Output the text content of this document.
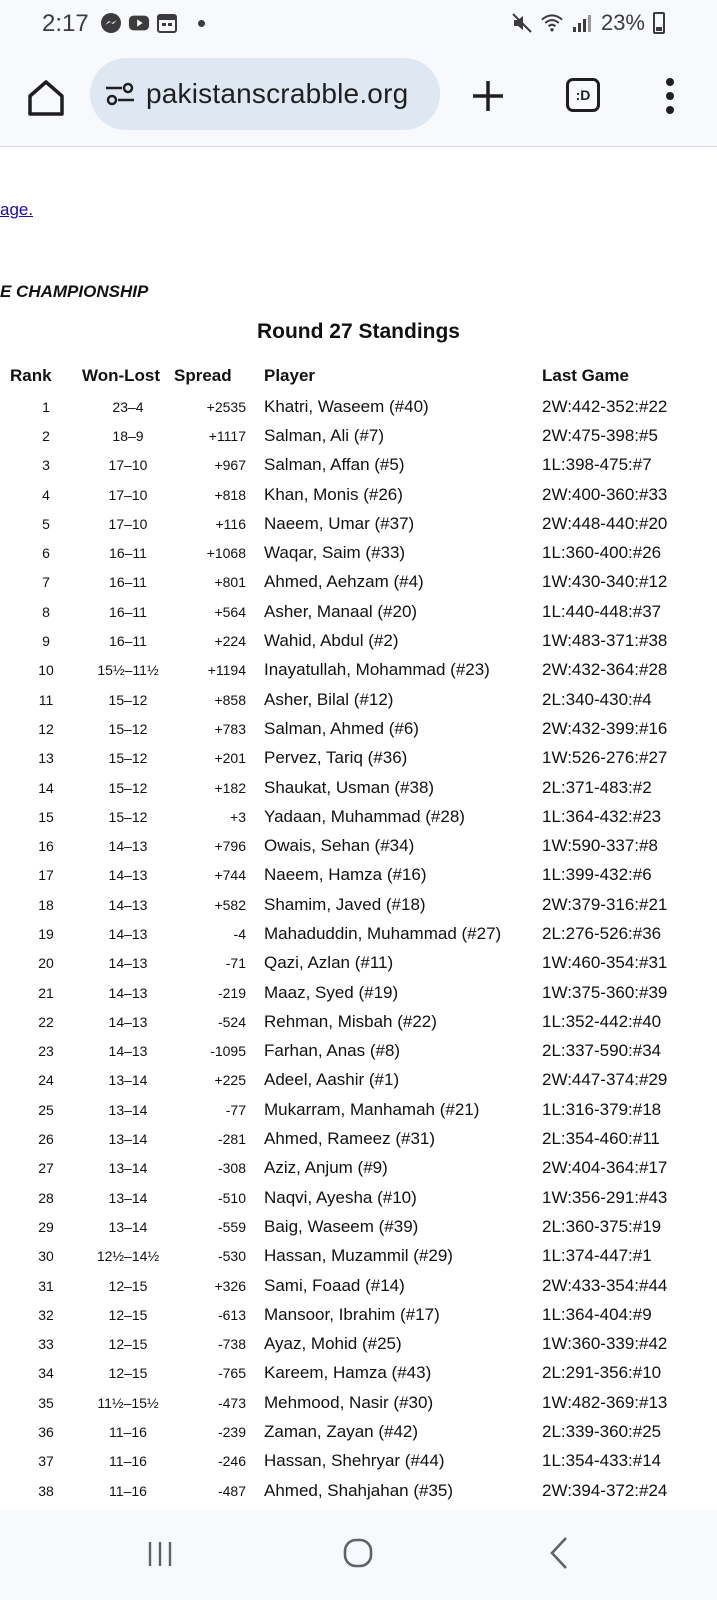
2:17	23%
pakistanscrabble.org	:D
age.
E CHAMPIONSHIP
Round 27 Standings
Rank	Won-Lost	Spread	Player	Last Game
1	23–4	+2535	Khatri, Waseem (#40)	2W:442-352:#22
2	18–9	+1117	Salman, Ali (#7)	2W:475-398:#5
3	17–10	+967	Salman, Affan (#5)	1L:398-475:#7
4	17–10	+818	Khan, Monis (#26)	2W:400-360:#33
5	17–10	+116	Naeem, Umar (#37)	2W:448-440:#20
6	16–11	+1068	Waqar, Saim (#33)	1L:360-400:#26
7	16–11	+801	Ahmed, Aehzam (#4)	1W:430-340:#12
8	16–11	+564	Asher, Manaal (#20)	1L:440-448:#37
9	16–11	+224	Wahid, Abdul (#2)	1W:483-371:#38
10	15½–11½	+1194	Inayatullah, Mohammad (#23)	2W:432-364:#28
11	15–12	+858	Asher, Bilal (#12)	2L:340-430:#4
12	15–12	+783	Salman, Ahmed (#6)	2W:432-399:#16
13	15–12	+201	Pervez, Tariq (#36)	1W:526-276:#27
14	15–12	+182	Shaukat, Usman (#38)	2L:371-483:#2
15	15–12	+3	Yadaan, Muhammad (#28)	1L:364-432:#23
16	14–13	+796	Owais, Sehan (#34)	1W:590-337:#8
17	14–13	+744	Naeem, Hamza (#16)	1L:399-432:#6
18	14–13	+582	Shamim, Javed (#18)	2W:379-316:#21
19	14–13	-4	Mahaduddin, Muhammad (#27)	2L:276-526:#36
20	14–13	-71	Qazi, Azlan (#11)	1W:460-354:#31
21	14–13	-219	Maaz, Syed (#19)	1W:375-360:#39
22	14–13	-524	Rehman, Misbah (#22)	1L:352-442:#40
23	14–13	-1095	Farhan, Anas (#8)	2L:337-590:#34
24	13–14	+225	Adeel, Aashir (#1)	2W:447-374:#29
25	13–14	-77	Mukarram, Manhamah (#21)	1L:316-379:#18
26	13–14	-281	Ahmed, Rameez (#31)	2L:354-460:#11
27	13–14	-308	Aziz, Anjum (#9)	2W:404-364:#17
28	13–14	-510	Naqvi, Ayesha (#10)	1W:356-291:#43
29	13–14	-559	Baig, Waseem (#39)	2L:360-375:#19
30	12½–14½	-530	Hassan, Muzammil (#29)	1L:374-447:#1
31	12–15	+326	Sami, Foaad (#14)	2W:433-354:#44
32	12–15	-613	Mansoor, Ibrahim (#17)	1L:364-404:#9
33	12–15	-738	Ayaz, Mohid (#25)	1W:360-339:#42
34	12–15	-765	Kareem, Hamza (#43)	2L:291-356:#10
35	11½–15½	-473	Mehmood, Nasir (#30)	1W:482-369:#13
36	11–16	-239	Zaman, Zayan (#42)	2L:339-360:#25
37	11–16	-246	Hassan, Shehryar (#44)	1L:354-433:#14
38	11–16	-487	Ahmed, Shahjahan (#35)	2W:394-372:#24
